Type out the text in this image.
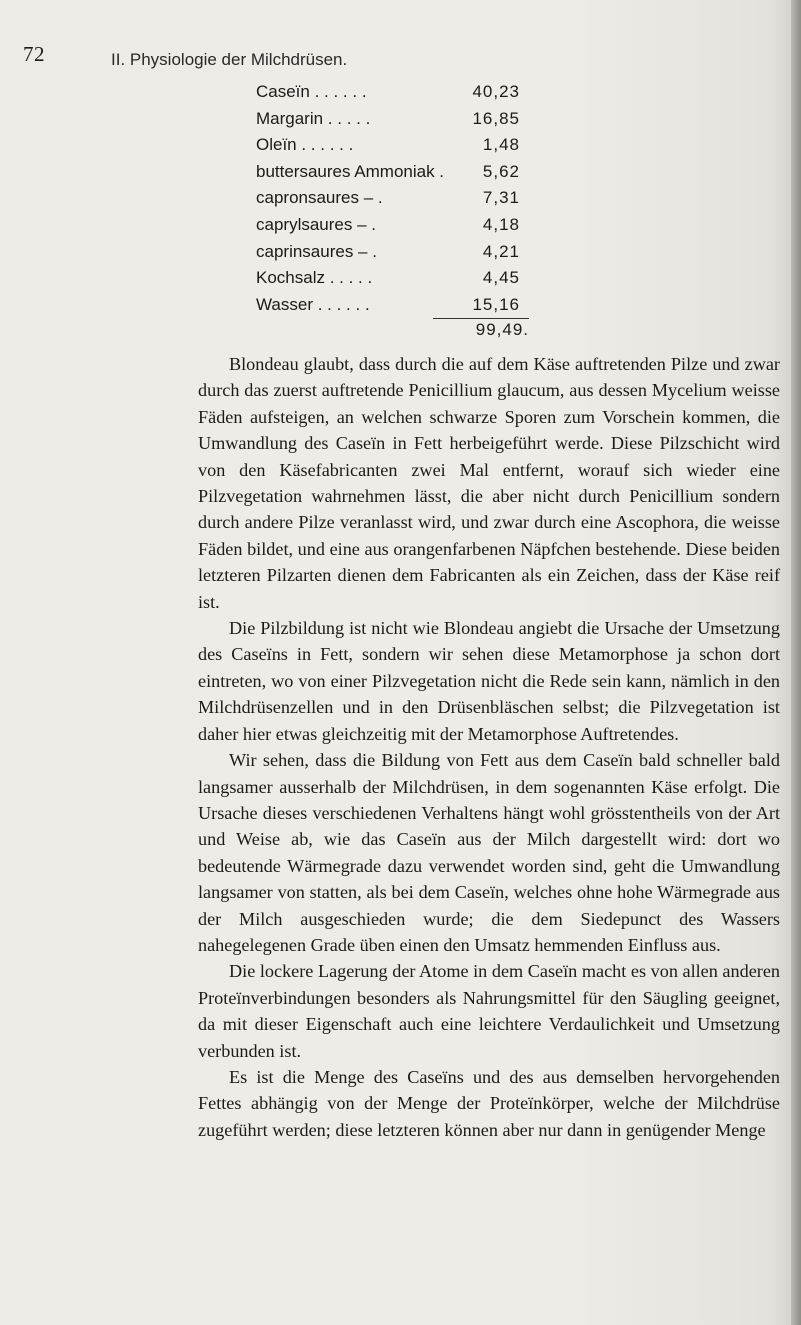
72	II. Physiologie der Milchdrüsen.
Caseïn . . . . . .	40,23
Margarin . . . . .	16,85
Oleïn . . . . . .	1,48
buttersaures Ammoniak .	5,62
capronsaures – .	7,31
caprylsaures – .	4,18
caprinsaures – .	4,21
Kochsalz . . . . .	4,45
Wasser . . . . . .	15,16
99,49.

Blondeau glaubt, dass durch die auf dem Käse auftretenden Pilze und zwar durch das zuerst auftretende Penicillium glaucum, aus dessen Mycelium weisse Fäden aufsteigen, an welchen schwarze Sporen zum Vorschein kommen, die Umwandlung des Caseïn in Fett herbeigeführt werde. Diese Pilzschicht wird von den Käsefabricanten zwei Mal entfernt, worauf sich wieder eine Pilzvegetation wahrnehmen lässt, die aber nicht durch Penicillium sondern durch andere Pilze veranlasst wird, und zwar durch eine Ascophora, die weisse Fäden bildet, und eine aus orangenfarbenen Näpfchen bestehende. Diese beiden letzteren Pilzarten dienen dem Fabricanten als ein Zeichen, dass der Käse reif ist.

Die Pilzbildung ist nicht wie Blondeau angiebt die Ursache der Umsetzung des Caseïns in Fett, sondern wir sehen diese Metamorphose ja schon dort eintreten, wo von einer Pilzvegetation nicht die Rede sein kann, nämlich in den Milchdrüsenzellen und in den Drüsenbläschen selbst; die Pilzvegetation ist daher hier etwas gleichzeitig mit der Metamorphose Auftretendes.

Wir sehen, dass die Bildung von Fett aus dem Caseïn bald schneller bald langsamer ausserhalb der Milchdrüsen, in dem sogenannten Käse erfolgt. Die Ursache dieses verschiedenen Verhaltens hängt wohl grösstentheils von der Art und Weise ab, wie das Caseïn aus der Milch dargestellt wird: dort wo bedeutende Wärmegrade dazu verwendet worden sind, geht die Umwandlung langsamer von statten, als bei dem Caseïn, welches ohne hohe Wärmegrade aus der Milch ausgeschieden wurde; die dem Siedepunct des Wassers nahegelegenen Grade üben einen den Umsatz hemmenden Einfluss aus.

Die lockere Lagerung der Atome in dem Caseïn macht es von allen anderen Proteïnverbindungen besonders als Nahrungsmittel für den Säugling geeignet, da mit dieser Eigenschaft auch eine leichtere Verdaulichkeit und Umsetzung verbunden ist.

Es ist die Menge des Caseïns und des aus demselben hervorgehenden Fettes abhängig von der Menge der Proteïnkörper, welche der Milchdrüse zugeführt werden; diese letzteren können aber nur dann in genügender Menge
